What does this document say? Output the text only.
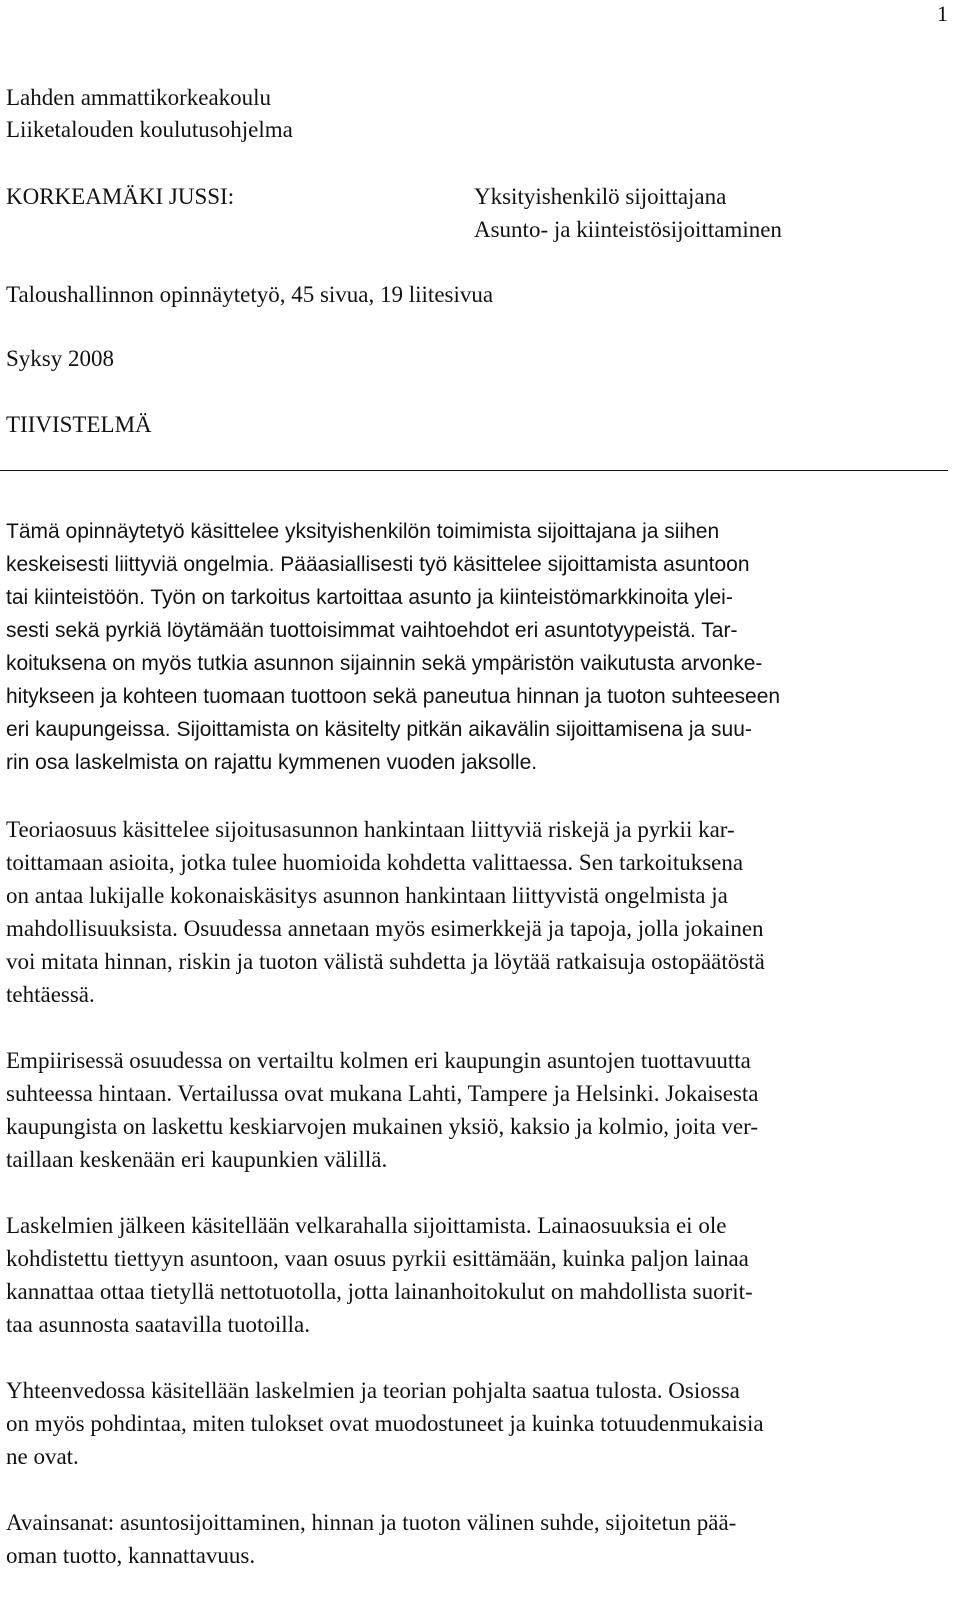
1
Lahden ammattikorkeakoulu
Liiketalouden koulutusohjelma
KORKEAMÄKI JUSSI:	Yksityishenkilö sijoittajana
Asunto- ja kiinteistösijoittaminen
Taloushallinnon opinnäytetyö, 45 sivua, 19 liitesivua
Syksy 2008
TIIVISTELMÄ

Tämä opinnäytetyö käsittelee yksityishenkilön toimimista sijoittajana ja siihen
keskeisesti liittyviä ongelmia. Pääasiallisesti työ käsittelee sijoittamista asuntoon
tai kiinteistöön. Työn on tarkoitus kartoittaa asunto ja kiinteistömarkkinoita ylei-
sesti sekä pyrkiä löytämään tuottoisimmat vaihtoehdot eri asuntotyypeistä. Tar-
koituksena on myös tutkia asunnon sijainnin sekä ympäristön vaikutusta arvonke-
hitykseen ja kohteen tuomaan tuottoon sekä paneutua hinnan ja tuoton suhteeseen
eri kaupungeissa. Sijoittamista on käsitelty pitkän aikavälin sijoittamisena ja suu-
rin osa laskelmista on rajattu kymmenen vuoden jaksolle.

Teoriaosuus käsittelee sijoitusasunnon hankintaan liittyviä riskejä ja pyrkii kar-
toittamaan asioita, jotka tulee huomioida kohdetta valittaessa. Sen tarkoituksena
on antaa lukijalle kokonaiskäsitys asunnon hankintaan liittyvistä ongelmista ja
mahdollisuuksista. Osuudessa annetaan myös esimerkkejä ja tapoja, jolla jokainen
voi mitata hinnan, riskin ja tuoton välistä suhdetta ja löytää ratkaisuja ostopäätöstä
tehtäessä.

Empiirisessä osuudessa on vertailtu kolmen eri kaupungin asuntojen tuottavuutta
suhteessa hintaan. Vertailussa ovat mukana Lahti, Tampere ja Helsinki. Jokaisesta
kaupungista on laskettu keskiarvojen mukainen yksiö, kaksio ja kolmio, joita ver-
taillaan keskenään eri kaupunkien välillä.

Laskelmien jälkeen käsitellään velkarahalla sijoittamista. Lainaosuuksia ei ole
kohdistettu tiettyyn asuntoon, vaan osuus pyrkii esittämään, kuinka paljon lainaa
kannattaa ottaa tietyllä nettotuotolla, jotta lainanhoitokulut on mahdollista suorit-
taa asunnosta saatavilla tuotoilla.

Yhteenvedossa käsitellään laskelmien ja teorian pohjalta saatua tulosta. Osiossa
on myös pohdintaa, miten tulokset ovat muodostuneet ja kuinka totuudenmukaisia
ne ovat.

Avainsanat: asuntosijoittaminen, hinnan ja tuoton välinen suhde, sijoitetun pää-
oman tuotto, kannattavuus.
